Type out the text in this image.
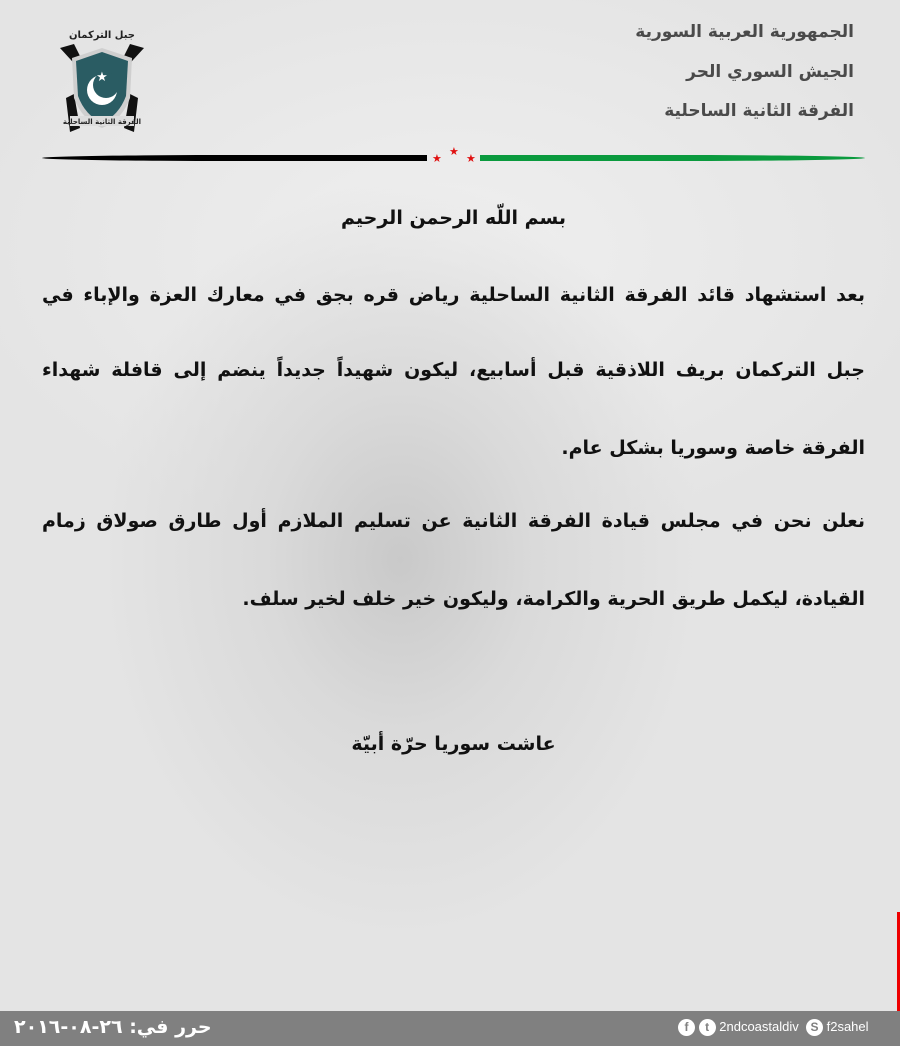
جبل التركمان
★
الفرقة الثانية الساحلية
الجمهورية العربية السورية
الجيش السوري الحر
الفرقة الثانية الساحلية
★
★
★
بسم اللّه الرحمن الرحيم
بعد استشهاد قائد الفرقة الثانية الساحلية رياض قره بجق في معارك العزة والإباء في
جبل التركمان بريف اللاذقية قبل أسابيع، ليكون شهيداً جديداً ينضم إلى قافلة شهداء
الفرقة خاصة وسوريا بشكل عام.
نعلن نحن في مجلس قيادة الفرقة الثانية عن تسليم الملازم أول طارق صولاق زمام
القيادة، ليكمل طريق الحرية والكرامة، وليكون خير خلف لخير سلف.
عاشت سوريا حرّة أبيّة
حرر في: ٢٦-٠٨-٢٠١٦	f t 2ndcoastaldiv S f2sahel
